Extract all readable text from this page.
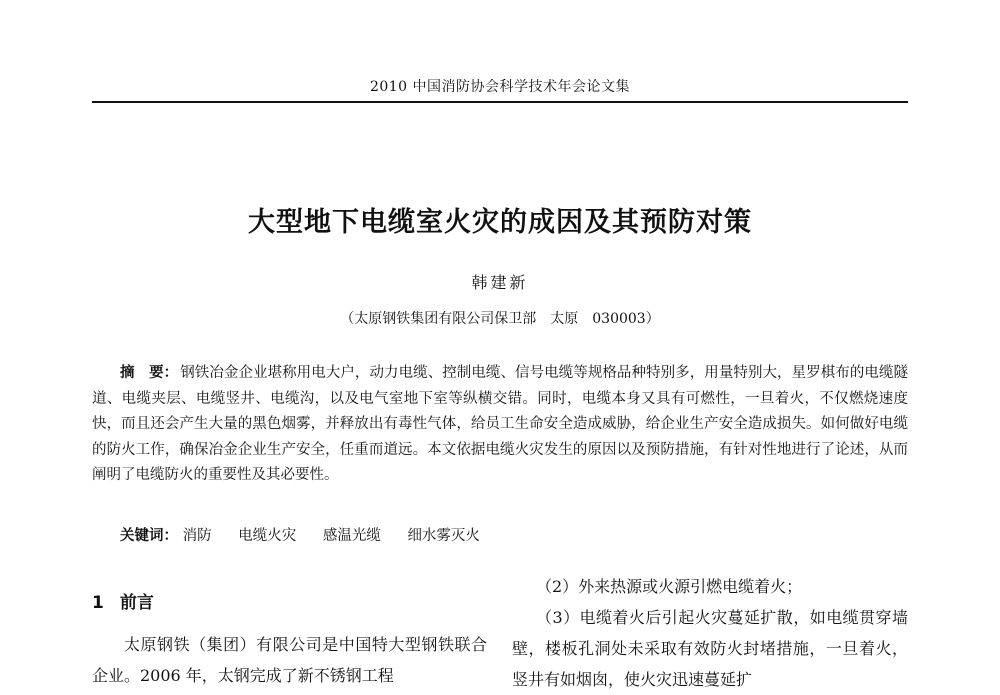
2010 中国消防协会科学技术年会论文集
大型地下电缆室火灾的成因及其预防对策
韩建新
（太原钢铁集团有限公司保卫部　太原　030003）
摘　要： 钢铁冶金企业堪称用电大户，动力电缆、控制电缆、信号电缆等规格品种特别多，用量特别大，星罗棋布的电缆隧道、电缆夹层、电缆竖井、电缆沟，以及电气室地下室等纵横交错。同时，电缆本身又具有可燃性，一旦着火，不仅燃烧速度快，而且还会产生大量的黑色烟雾，并释放出有毒性气体，给员工生命安全造成威胁，给企业生产安全造成损失。如何做好电缆的防火工作，确保冶金企业生产安全，任重而道远。本文依据电缆火灾发生的原因以及预防措施，有针对性地进行了论述，从而阐明了电缆防火的重要性及其必要性。
关键词： 消防 电缆火灾 感温光缆 细水雾灭火
1 前言

太原钢铁（集团）有限公司是中国特大型钢铁联合企业。2006 年，太钢完成了新不锈钢工程

（2）外来热源或火源引燃电缆着火；

（3）电缆着火后引起火灾蔓延扩散，如电缆贯穿墙壁，楼板孔洞处未采取有效防火封堵措施，一旦着火，竖井有如烟囱，使火灾迅速蔓延扩
